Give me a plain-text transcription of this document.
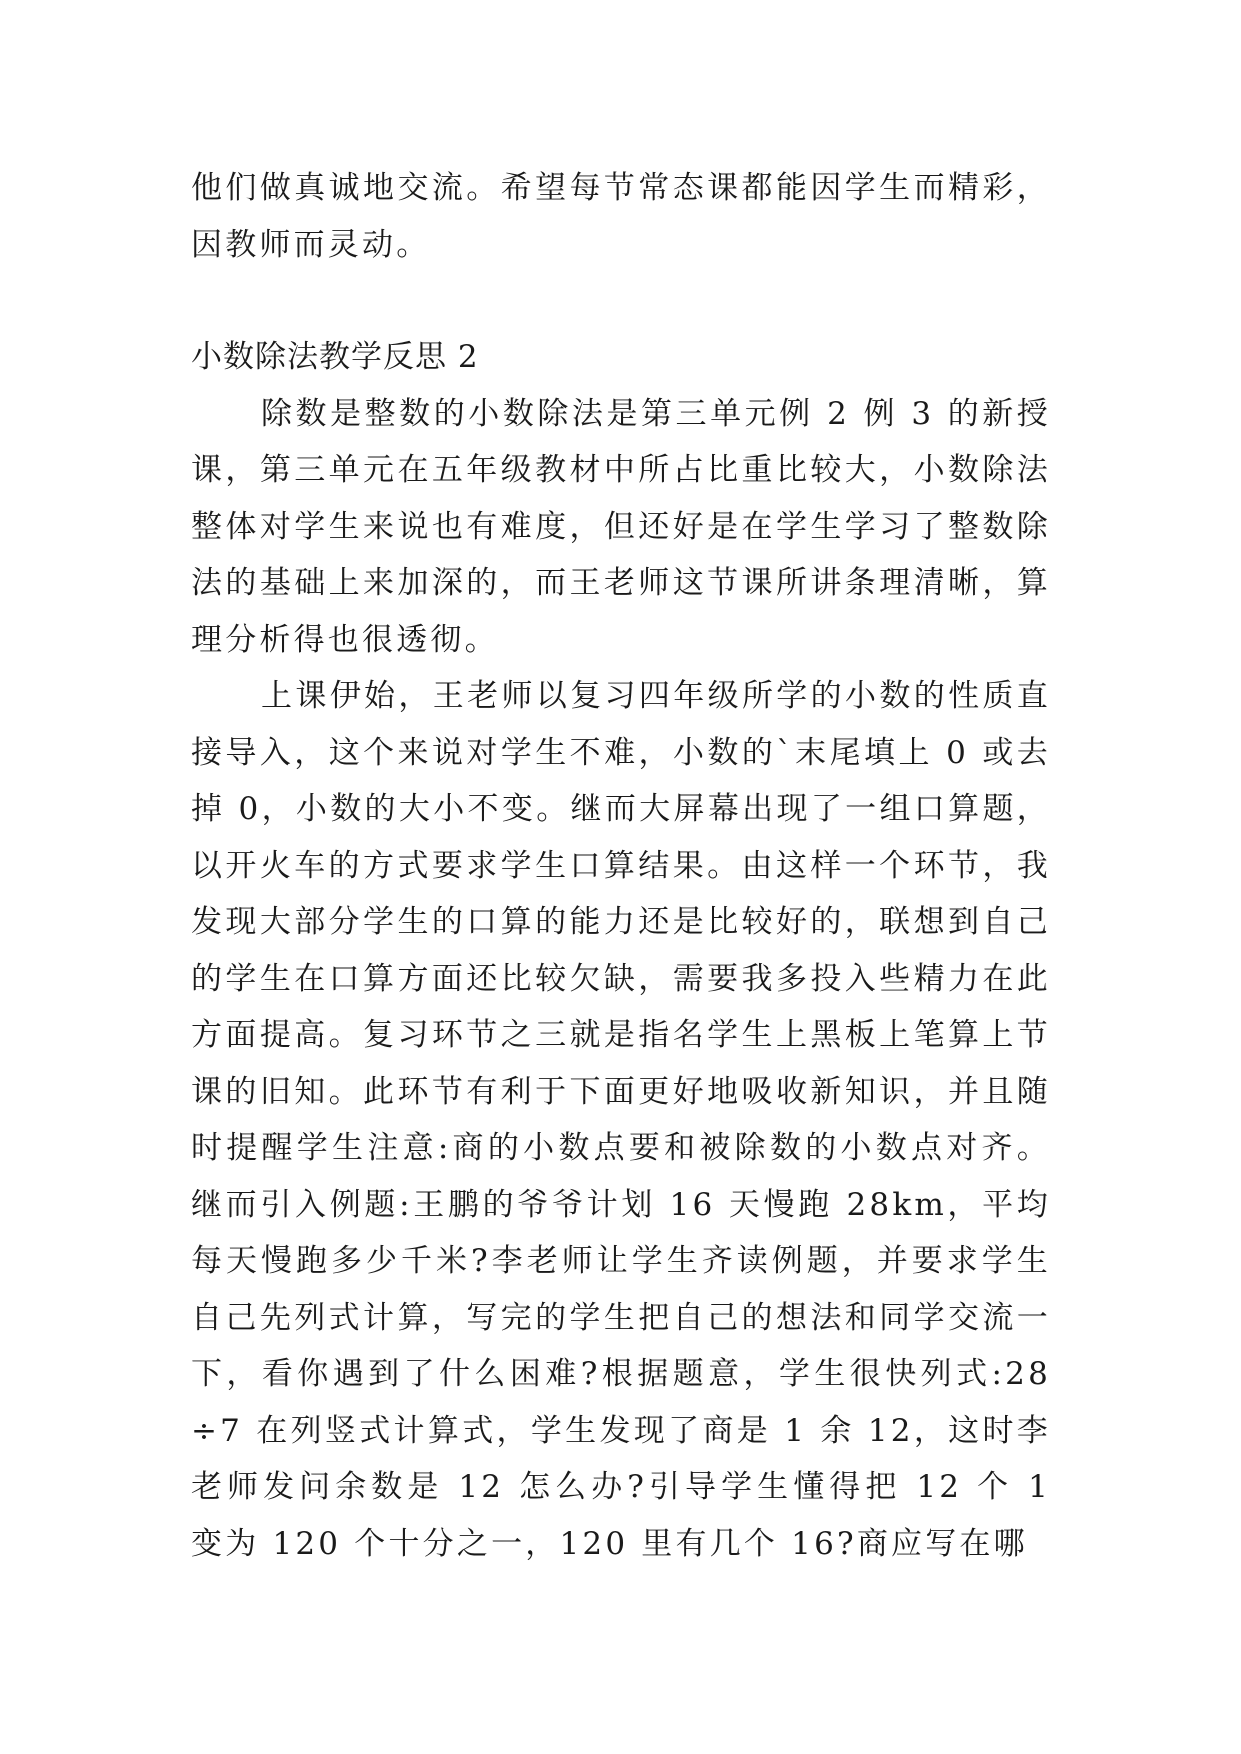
他们做真诚地交流。希望每节常态课都能因学生而精彩，因教师而灵动。

小数除法教学反思 2

除数是整数的小数除法是第三单元例 2 例 3 的新授课，第三单元在五年级教材中所占比重比较大，小数除法整体对学生来说也有难度，但还好是在学生学习了整数除法的基础上来加深的，而王老师这节课所讲条理清晰，算理分析得也很透彻。

上课伊始，王老师以复习四年级所学的小数的性质直接导入，这个来说对学生不难，小数的`末尾填上 0 或去掉 0，小数的大小不变。继而大屏幕出现了一组口算题，以开火车的方式要求学生口算结果。由这样一个环节，我发现大部分学生的口算的能力还是比较好的，联想到自己的学生在口算方面还比较欠缺，需要我多投入些精力在此方面提高。复习环节之三就是指名学生上黑板上笔算上节课的旧知。此环节有利于下面更好地吸收新知识，并且随时提醒学生注意:商的小数点要和被除数的小数点对齐。继而引入例题:王鹏的爷爷计划 16 天慢跑 28km，平均每天慢跑多少千米?李老师让学生齐读例题，并要求学生自己先列式计算，写完的学生把自己的想法和同学交流一下，看你遇到了什么困难?根据题意，学生很快列式:28÷7 在列竖式计算式，学生发现了商是 1 余 12，这时李老师发问余数是 12 怎么办?引导学生懂得把 12 个 1 变为 120 个十分之一，120 里有几个 16?商应写在哪
